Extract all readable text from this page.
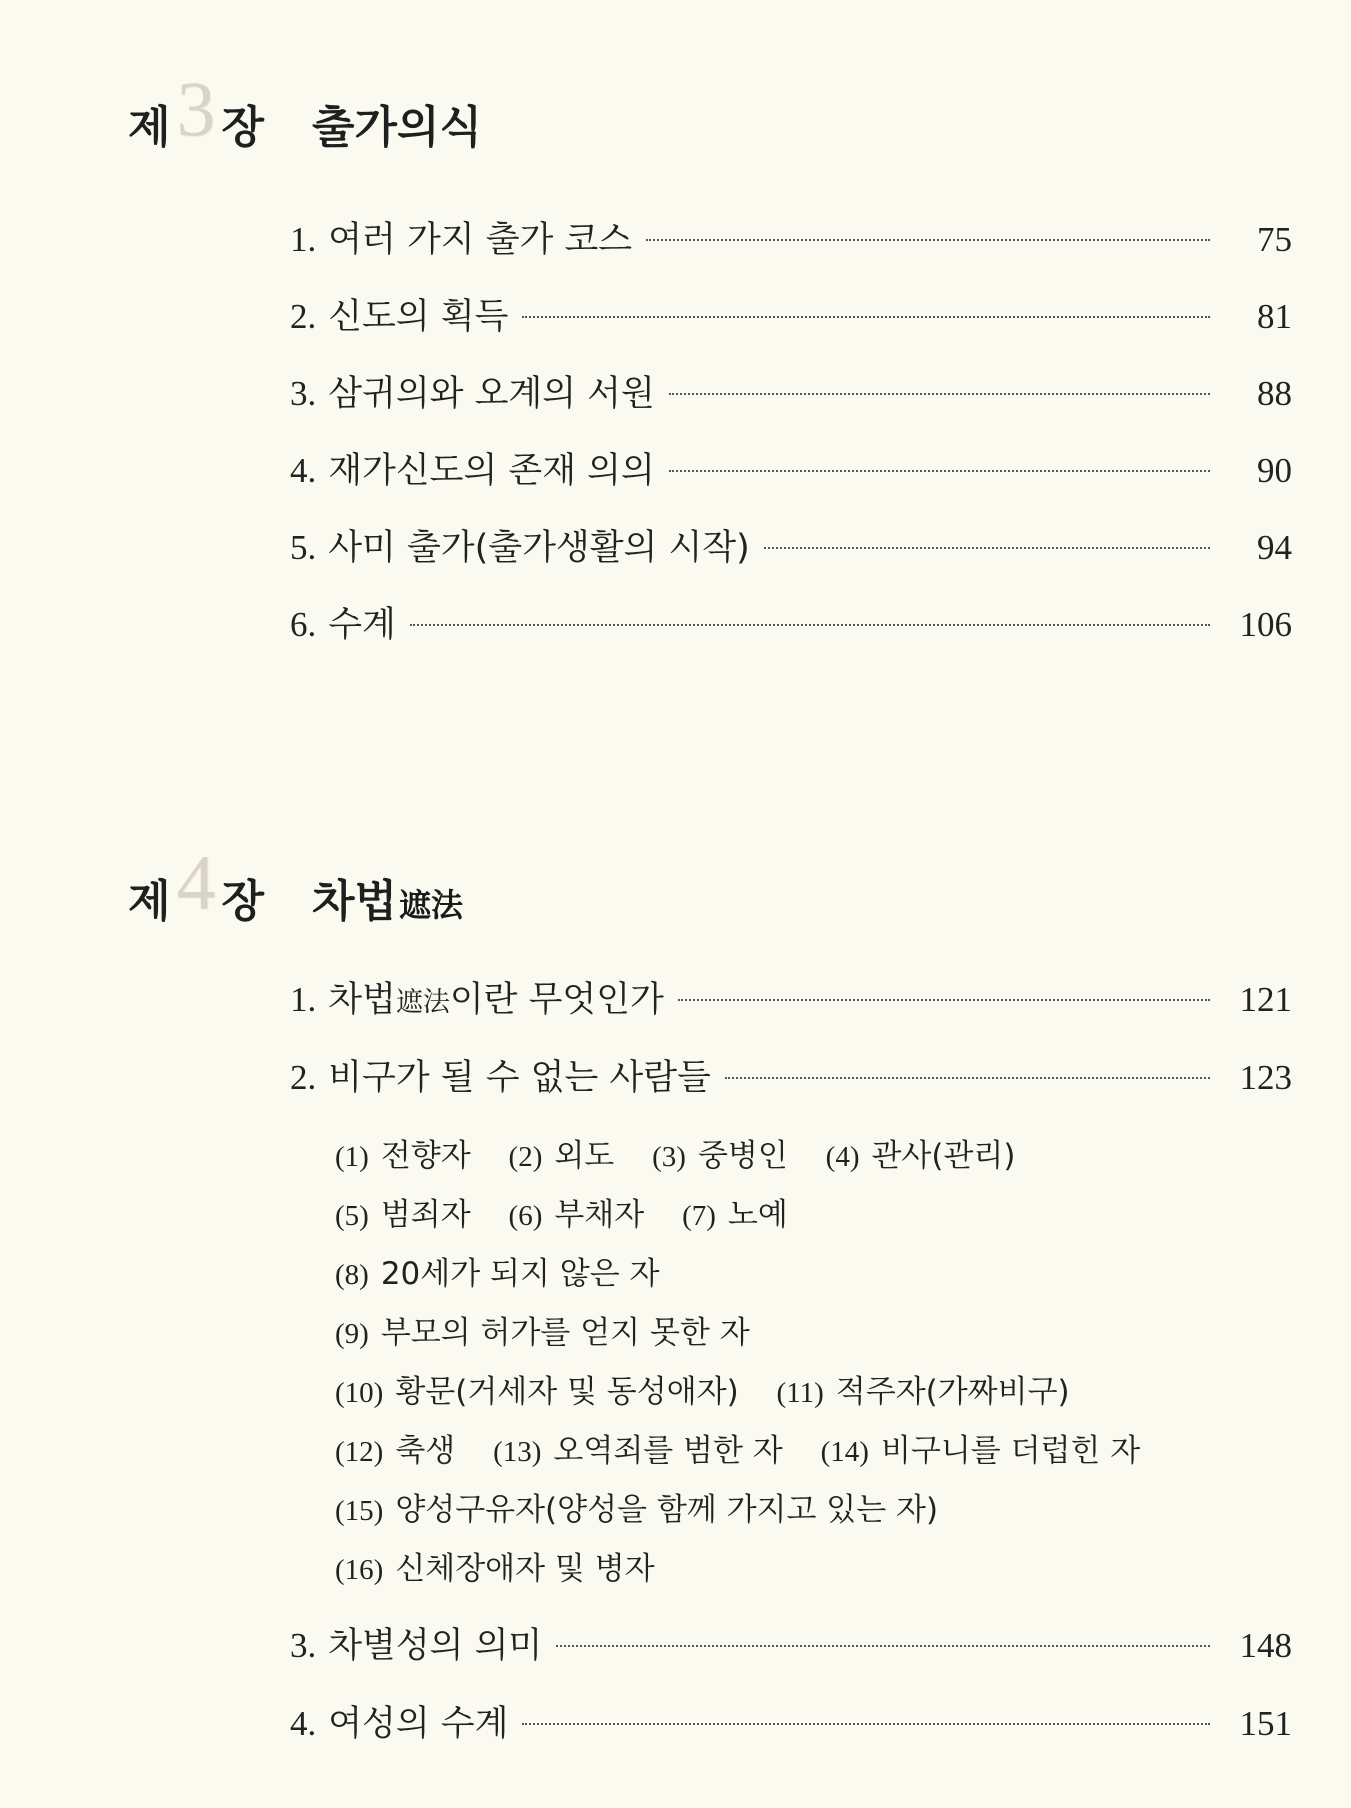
제 3 장 출가의식
1. 여러 가지 출가 코스	75
2. 신도의 획득	81
3. 삼귀의와 오계의 서원	88
4. 재가신도의 존재 의의	90
5. 사미 출가(출가생활의 시작)	94
6. 수계	106
제 4 장 차법 遮法
1. 차법遮法이란 무엇인가	121
2. 비구가 될 수 없는 사람들	123
(1) 전향자 (2) 외도 (3) 중병인 (4) 관사(관리)
(5) 범죄자 (6) 부채자 (7) 노예
(8) 20세가 되지 않은 자
(9) 부모의 허가를 얻지 못한 자
(10) 황문(거세자 및 동성애자) (11) 적주자(가짜비구)
(12) 축생 (13) 오역죄를 범한 자 (14) 비구니를 더럽힌 자
(15) 양성구유자(양성을 함께 가지고 있는 자)
(16) 신체장애자 및 병자
3. 차별성의 의미	148
4. 여성의 수계	151
